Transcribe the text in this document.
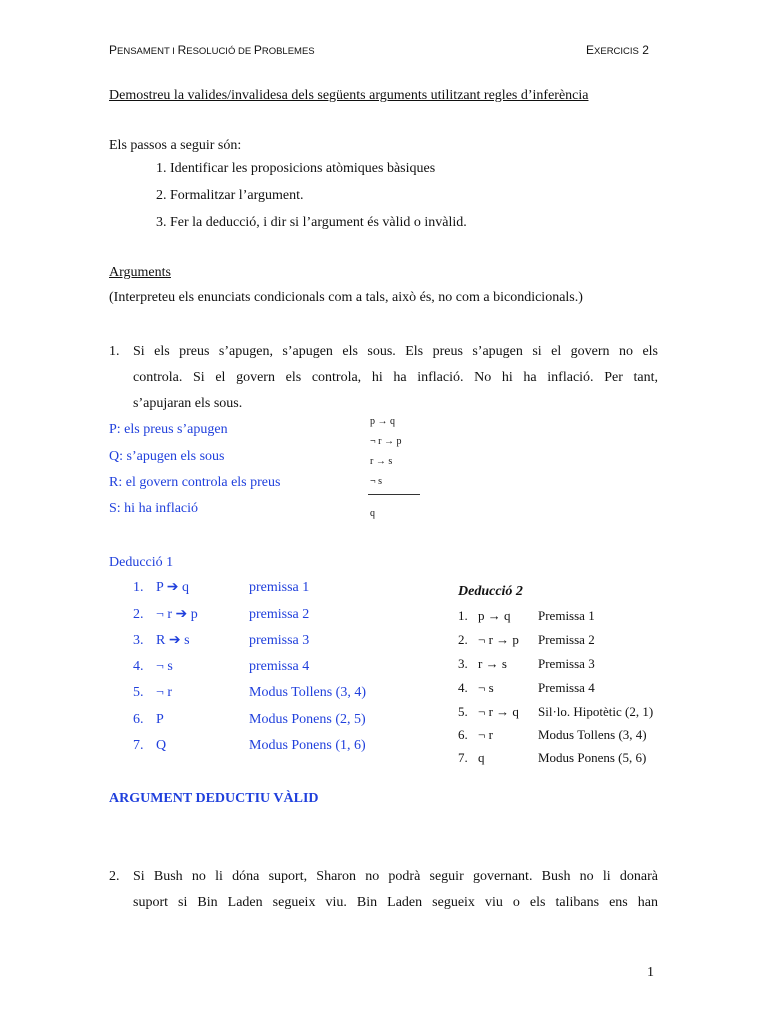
PENSAMENT I RESOLUCIÓ DE PROBLEMES	EXERCICIS 2
Demostreu la valides/invalidesa dels següents arguments utilitzant regles d’inferència
Els passos a seguir són:
1. Identificar les proposicions atòmiques bàsiques
2. Formalitzar l’argument.
3. Fer la deducció, i dir si l’argument és vàlid o invàlid.
Arguments
(Interpreteu els enunciats condicionals com a tals, això és, no com a bicondicionals.)
1. Si els preus s’apugen, s’apugen els sous. Els preus s’apugen si el govern no els
controla. Si el govern els controla, hi ha inflació. No hi ha inflació. Per tant,
s’apujaran els sous.
P: els preus s’apugen
Q: s’apugen els sous
R: el govern controla els preus
S: hi ha inflació
p → q
¬ r → p
r → s
¬ s
q
Deducció 1
1. P ➔ q	premissa 1
2. ¬ r ➔ p	premissa 2
3. R ➔ s	premissa 3
4. ¬ s	premissa 4
5. ¬ r	Modus Tollens (3, 4)
6. P	Modus Ponens (2, 5)
7. Q	Modus Ponens (1, 6)
Deducció 2
1. p → q Premissa 1
2. ¬ r → p Premissa 2
3. r → s Premissa 3
4. ¬ s	Premissa 4
5. ¬ r → q Sil·lo. Hipotètic (2, 1)
6. ¬ r	Modus Tollens (3, 4)
7. q	Modus Ponens (5, 6)
ARGUMENT DEDUCTIU VÀLID
2. Si Bush no li dóna suport, Sharon no podrà seguir governant. Bush no li donarà
suport si Bin Laden segueix viu. Bin Laden segueix viu o els talibans ens han
1
